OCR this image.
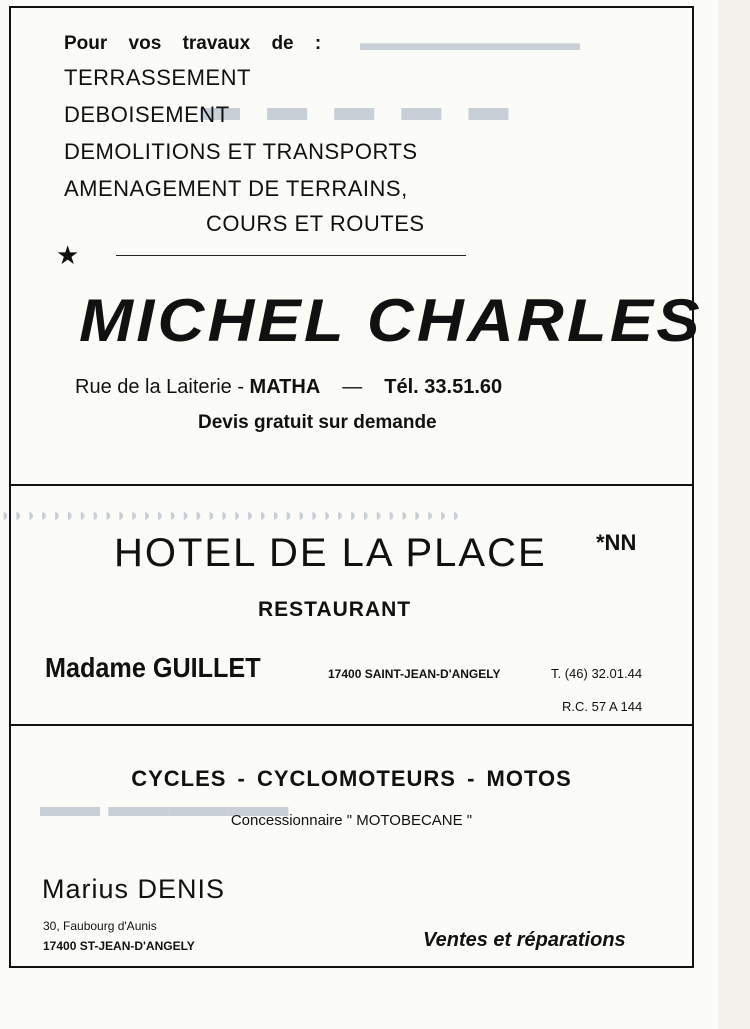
▬▬▬▬▬▬▬▬▬▬
▬ ▬ ▬ ▬ ▬
▬▬ ▬▬▬▬▬▬
◗◗◗◗◗◗◗◗◗◗◗◗◗◗◗◗◗◗◗◗◗◗◗◗◗◗◗◗◗◗◗◗◗◗◗◗
Pour vos travaux de :
TERRASSEMENT
DEBOISEMENT
DEMOLITIONS ET TRANSPORTS
AMENAGEMENT DE TERRAINS,
COURS ET ROUTES
★
MICHEL CHARLES
Rue de la Laiterie - MATHA — Tél. 33.51.60
Devis gratuit sur demande
HOTEL DE LA PLACE *NN
RESTAURANT
Madame GUILLET	17400 SAINT-JEAN-D'ANGELY	T. (46) 32.01.44
R.C. 57 A 144
CYCLES - CYCLOMOTEURS - MOTOS
Concessionnaire " MOTOBECANE "
Marius DENIS
30, Faubourg d'Aunis
17400 ST-JEAN-D'ANGELY	Ventes et réparations
